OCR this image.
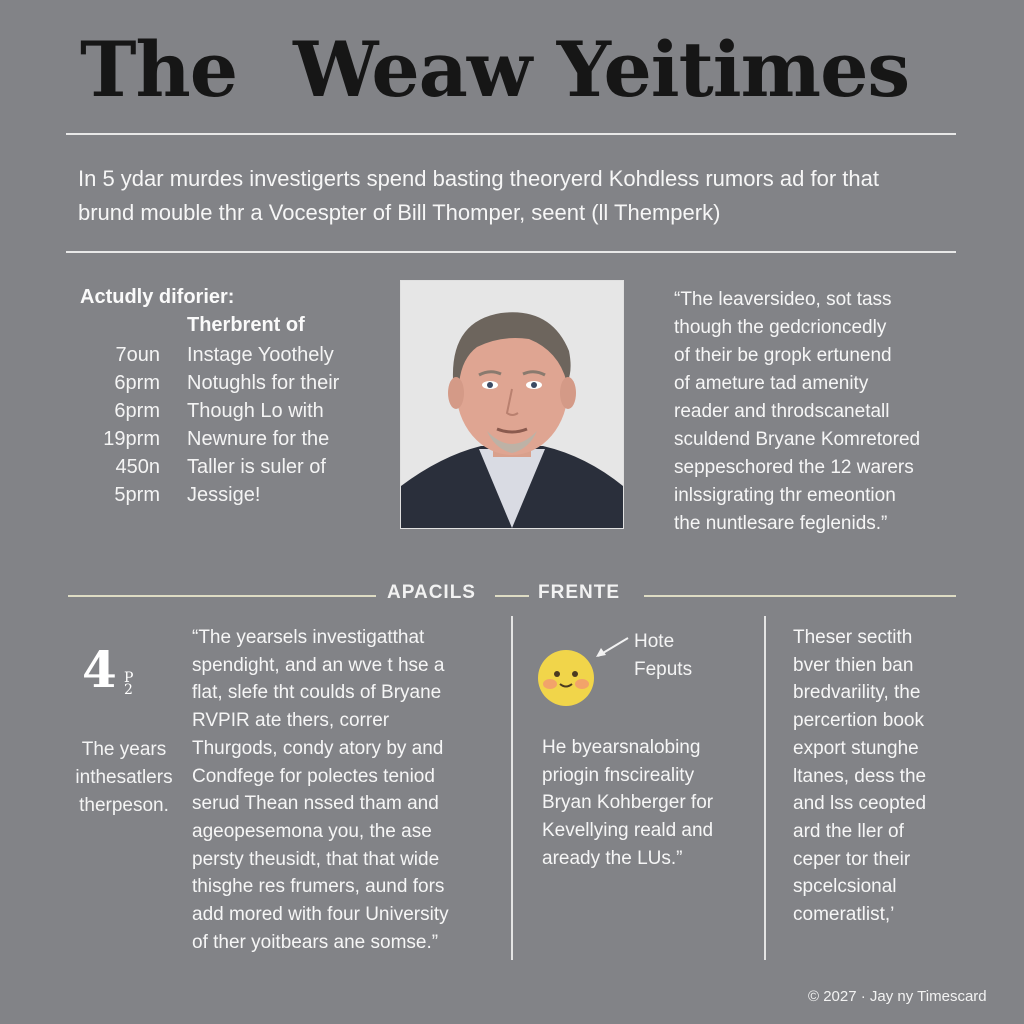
The Weaw Yeitimes
In 5 ydar murdes investigerts spend basting theoryerd Kohdless rumors ad for that
brund mouble thr a Vocespter of Bill Thomper, seent (ll Themperk)
Actudly diforier:
Therbrent of
7oun Instage Yoothely
6prm Notughls for their
6prm Though Lo with
19prm Newnure for the
450n Taller is suler of
5prm Jessige!
“The leaversideo, sot tass
though the gedcrioncedly
of their be gropk ertunend
of ameture tad amenity
reader and throdscanetall
sculdend Bryane Komretored
seppeschored the 12 warers
inlssigrating thr emeontion
the nuntlesare feglenids.”
APACILS	FRENTE
4 P
2
The years
inthesatlers
therpeson.
“The yearsels investigatthat
spendight, and an wve t hse a
flat, slefe tht coulds of Bryane
RVPIR ate thers, correr
Thurgods, condy atory by and
Condfege for polectes teniod
serud Thean nssed tham and
ageopesemona you, the ase
persty theusidt, that that wide
thisghe res frumers, aund fors
add mored with four University
of ther yoitbears ane somse.”
Hote
Feputs
He byearsnalobing
priogin fnscireality
Bryan Kohberger for
Kevellying reald and
aready the LUs.”
Theser sectith
bver thien ban
bredvarility, the
percertion book
export stunghe
ltanes, dess the
and lss ceopted
ard the ller of
ceper tor their
spcelcsional
comeratlist,’
© 2027 · Jay ny Timescard
